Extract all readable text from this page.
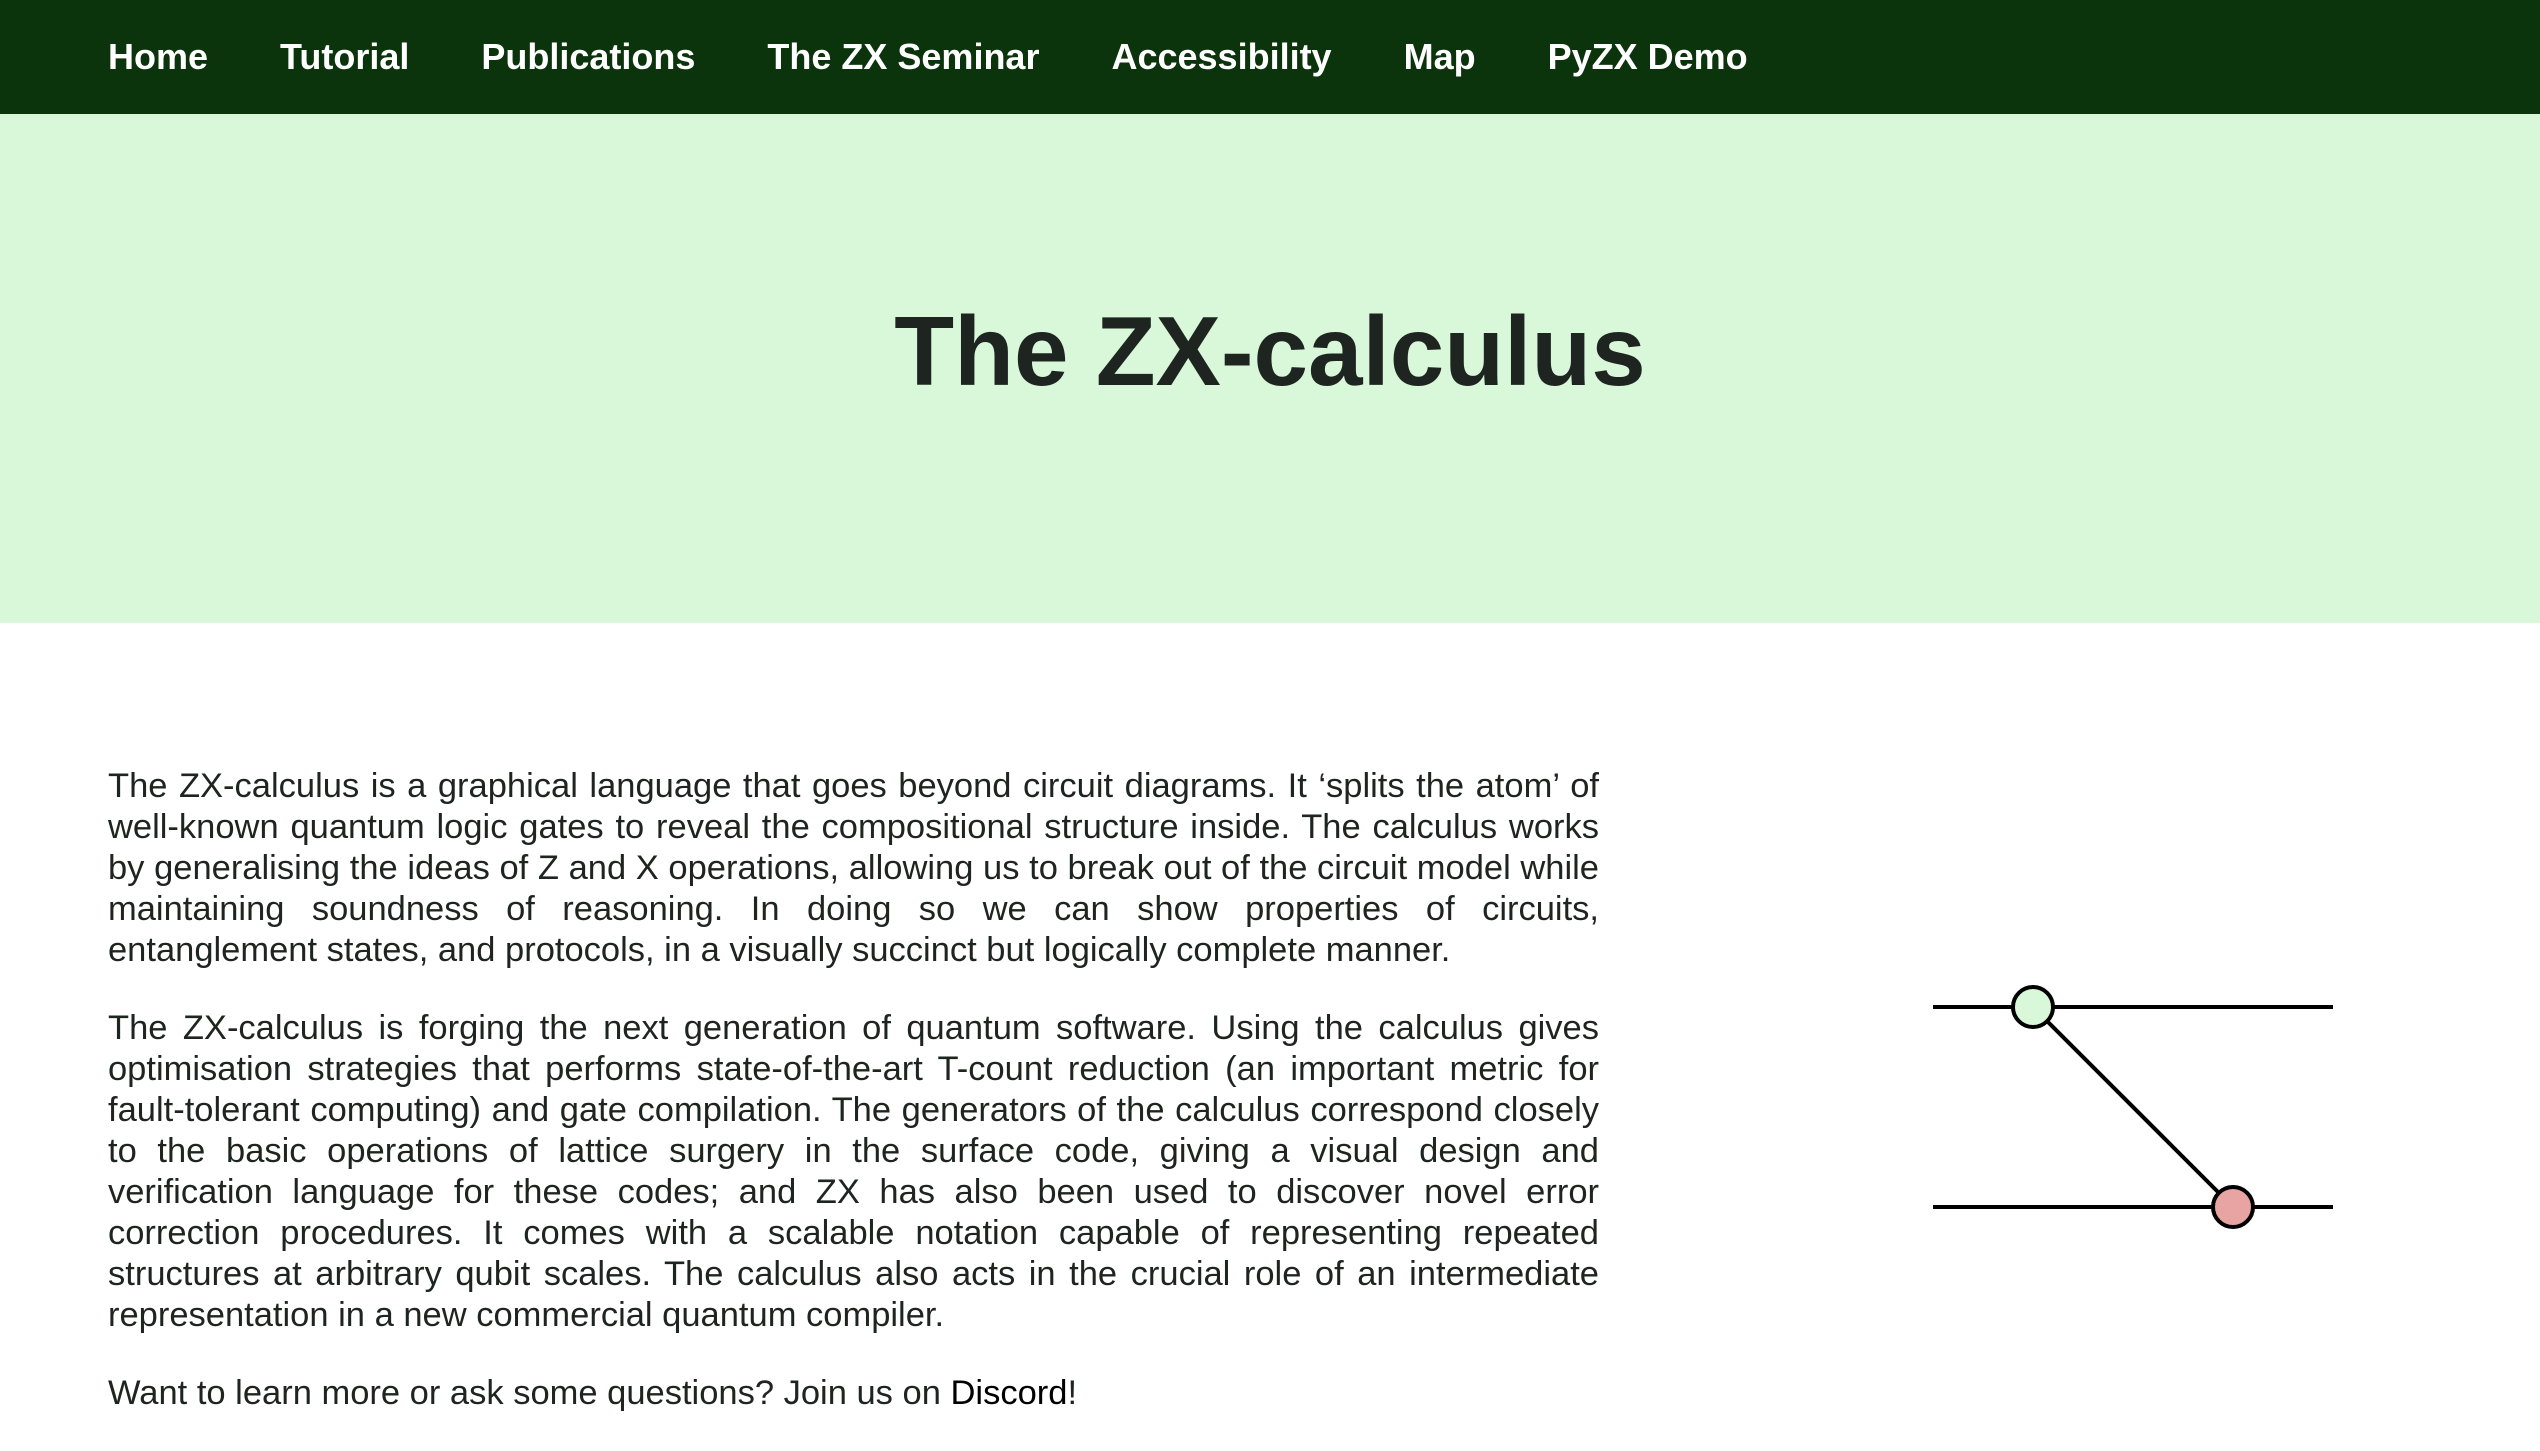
Home Tutorial Publications The ZX Seminar Accessibility Map PyZX Demo
The ZX-calculus

The ZX-calculus is a graphical language that goes beyond circuit diagrams. It ‘splits the atom’ of well-known quantum logic gates to reveal the compositional structure inside. The calculus works by generalising the ideas of Z and X operations, allowing us to break out of the circuit model while maintaining soundness of reasoning. In doing so we can show properties of circuits, entanglement states, and protocols, in a visually succinct but logically complete manner.

The ZX-calculus is forging the next generation of quantum software. Using the calculus gives optimisation strategies that performs state-of-the-art T-count reduction (an important metric for fault-tolerant computing) and gate compilation. The generators of the calculus correspond closely to the basic operations of lattice surgery in the surface code, giving a visual design and verification language for these codes; and ZX has also been used to discover novel error correction procedures. It comes with a scalable notation capable of representing repeated structures at arbitrary qubit scales. The calculus also acts in the crucial role of an intermediate representation in a new commercial quantum compiler.

Want to learn more or ask some questions? Join us on Discord!
